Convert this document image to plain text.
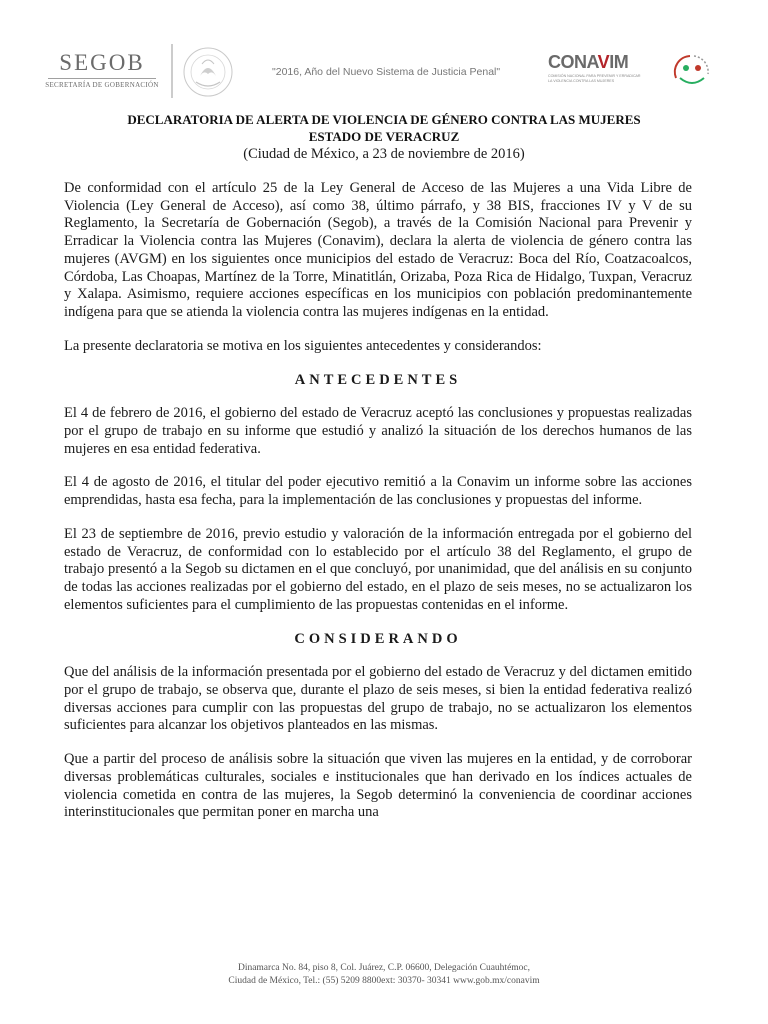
SEGOB
SECRETARÍA DE GOBERNACIÓN
"2016, Año del Nuevo Sistema de Justicia Penal"	CONAVIM
COMISIÓN NACIONAL PARA PREVENIR Y ERRADICAR
LA VIOLENCIA CONTRA LAS MUJERES
DECLARATORIA DE ALERTA DE VIOLENCIA DE GÉNERO CONTRA LAS MUJERES
ESTADO DE VERACRUZ
(Ciudad de México, a 23 de noviembre de 2016)

De conformidad con el artículo 25 de la Ley General de Acceso de las Mujeres a una Vida Libre de Violencia (Ley General de Acceso), así como 38, último párrafo, y 38 BIS, fracciones IV y V de su Reglamento, la Secretaría de Gobernación (Segob), a través de la Comisión Nacional para Prevenir y Erradicar la Violencia contra las Mujeres (Conavim), declara la alerta de violencia de género contra las mujeres (AVGM) en los siguientes once municipios del estado de Veracruz: Boca del Río, Coatzacoalcos, Córdoba, Las Choapas, Martínez de la Torre, Minatitlán, Orizaba, Poza Rica de Hidalgo, Tuxpan, Veracruz y Xalapa. Asimismo, requiere acciones específicas en los municipios con población predominantemente indígena para que se atienda la violencia contra las mujeres indígenas en la entidad.

La presente declaratoria se motiva en los siguientes antecedentes y considerandos:

ANTECEDENTES

El 4 de febrero de 2016, el gobierno del estado de Veracruz aceptó las conclusiones y propuestas realizadas por el grupo de trabajo en su informe que estudió y analizó la situación de los derechos humanos de las mujeres en esa entidad federativa.

El 4 de agosto de 2016, el titular del poder ejecutivo remitió a la Conavim un informe sobre las acciones emprendidas, hasta esa fecha, para la implementación de las conclusiones y propuestas del informe.

El 23 de septiembre de 2016, previo estudio y valoración de la información entregada por el gobierno del estado de Veracruz, de conformidad con lo establecido por el artículo 38 del Reglamento, el grupo de trabajo presentó a la Segob su dictamen en el que concluyó, por unanimidad, que del análisis en su conjunto de todas las acciones realizadas por el gobierno del estado, en el plazo de seis meses, no se actualizaron los elementos suficientes para el cumplimiento de las propuestas contenidas en el informe.

CONSIDERANDO

Que del análisis de la información presentada por el gobierno del estado de Veracruz y del dictamen emitido por el grupo de trabajo, se observa que, durante el plazo de seis meses, si bien la entidad federativa realizó diversas acciones para cumplir con las propuestas del grupo de trabajo, no se actualizaron los elementos suficientes para alcanzar los objetivos planteados en las mismas.

Que a partir del proceso de análisis sobre la situación que viven las mujeres en la entidad, y de corroborar diversas problemáticas culturales, sociales e institucionales que han derivado en los índices actuales de violencia cometida en contra de las mujeres, la Segob determinó la conveniencia de coordinar acciones interinstitucionales que permitan poner en marcha una

Dinamarca No. 84, piso 8, Col. Juárez, C.P. 06600, Delegación Cuauhtémoc,
Ciudad de México, Tel.: (55) 5209 8800ext: 30370- 30341 www.gob.mx/conavim
